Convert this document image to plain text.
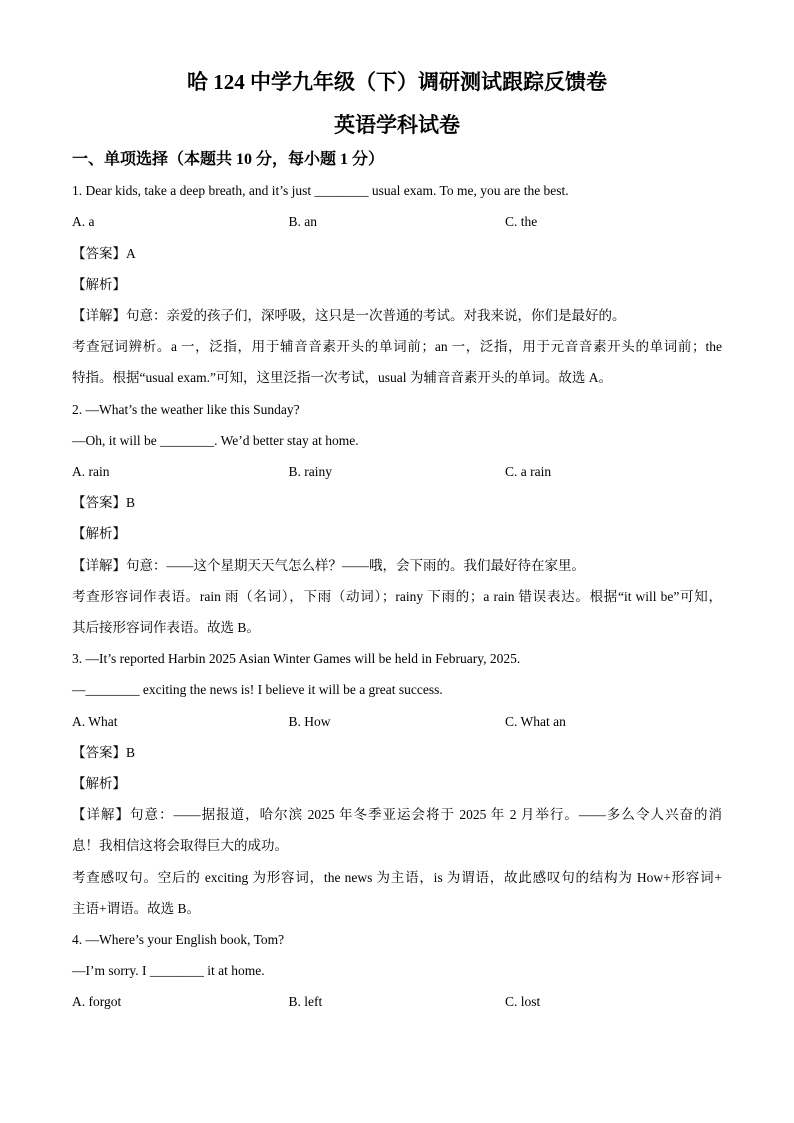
哈 124 中学九年级（下）调研测试跟踪反馈卷
英语学科试卷
一、单项选择（本题共 10 分，每小题 1 分）
1. Dear kids, take a deep breath, and it’s just ________ usual exam. To me, you are the best.
A. a	B. an	C. the
【答案】A
【解析】
【详解】句意：亲爱的孩子们，深呼吸，这只是一次普通的考试。对我来说，你们是最好的。
考查冠词辨析。a 一，泛指，用于辅音音素开头的单词前；an 一，泛指，用于元音音素开头的单词前；the
特指。根据“usual exam.”可知，这里泛指一次考试，usual 为辅音音素开头的单词。故选 A。
2. —What’s the weather like this Sunday?
—Oh, it will be ________. We’d better stay at home.
A. rain	B. rainy	C. a rain
【答案】B
【解析】
【详解】句意：——这个星期天天气怎么样？——哦，会下雨的。我们最好待在家里。
考查形容词作表语。rain 雨（名词），下雨（动词）；rainy 下雨的；a rain 错误表达。根据“it will be”可知，
其后接形容词作表语。故选 B。
3. —It’s reported Harbin 2025 Asian Winter Games will be held in February, 2025.
—________ exciting the news is! I believe it will be a great success.
A. What	B. How	C. What an
【答案】B
【解析】
【详解】句意：——据报道，哈尔滨 2025 年冬季亚运会将于 2025 年 2 月举行。——多么令人兴奋的消
息！我相信这将会取得巨大的成功。
考查感叹句。空后的 exciting 为形容词，the news 为主语，is 为谓语，故此感叹句的结构为 How+形容词+
主语+谓语。故选 B。
4. —Where’s your English book, Tom?
—I’m sorry. I ________ it at home.
A. forgot	B. left	C. lost
